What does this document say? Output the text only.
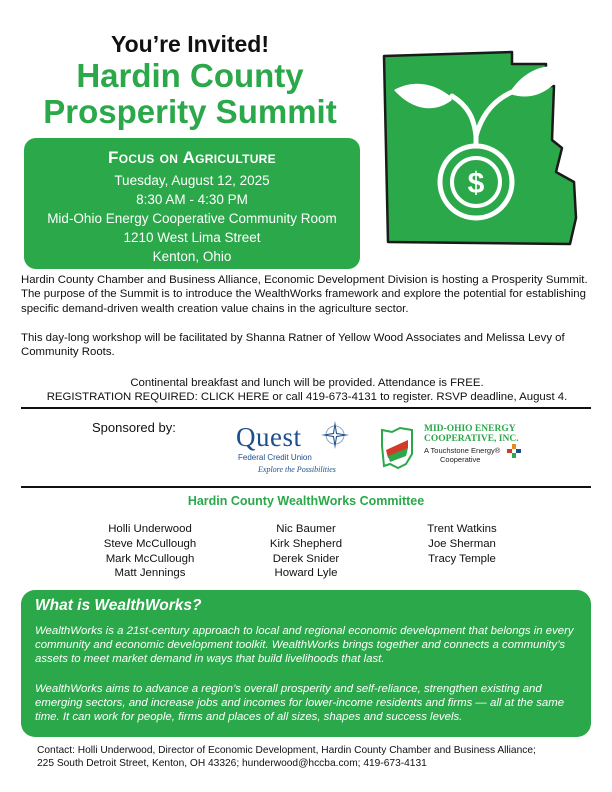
You’re Invited!
Hardin County
Prosperity Summit
$
Focus on Agriculture
Tuesday, August 12, 2025
8:30 AM - 4:30 PM
Mid-Ohio Energy Cooperative Community Room
1210 West Lima Street
Kenton, Ohio

Hardin County Chamber and Business Alliance, Economic Development Division is hosting a Prosperity Summit. The purpose of the Summit is to introduce the WealthWorks framework and explore the potential for establishing specific demand-driven wealth creation value chains in the agriculture sector.

This day-long workshop will be facilitated by Shanna Ratner of Yellow Wood Associates and Melissa Levy of Community Roots.

Continental breakfast and lunch will be provided. Attendance is FREE.
REGISTRATION REQUIRED: CLICK HERE or call 419-673-4131 to register. RSVP deadline, August 4.
Sponsored by: Quest
Federal Credit Union
Explore the Possibilities
MID-OHIO ENERGY
COOPERATIVE, INC.
A Touchstone Energy®
Cooperative
Hardin County WealthWorks Committee
Holli Underwood
Steve McCullough
Mark McCullough
Matt Jennings
Nic Baumer
Kirk Shepherd
Derek Snider
Howard Lyle
Trent Watkins
Joe Sherman
Tracy Temple
What is WealthWorks?

WealthWorks is a 21st-century approach to local and regional economic development that belongs in every community and economic development toolkit. WealthWorks brings together and connects a community’s assets to meet market demand in ways that build livelihoods that last.

WealthWorks aims to advance a region’s overall prosperity and self-reliance, strengthen existing and emerging sectors, and increase jobs and incomes for lower-income residents and firms — all at the same time. It can work for people, firms and places of all sizes, shapes and success levels.

Contact: Holli Underwood, Director of Economic Development, Hardin County Chamber and Business Alliance;
225 South Detroit Street, Kenton, OH 43326; hunderwood@hccba.com; 419-673-4131
